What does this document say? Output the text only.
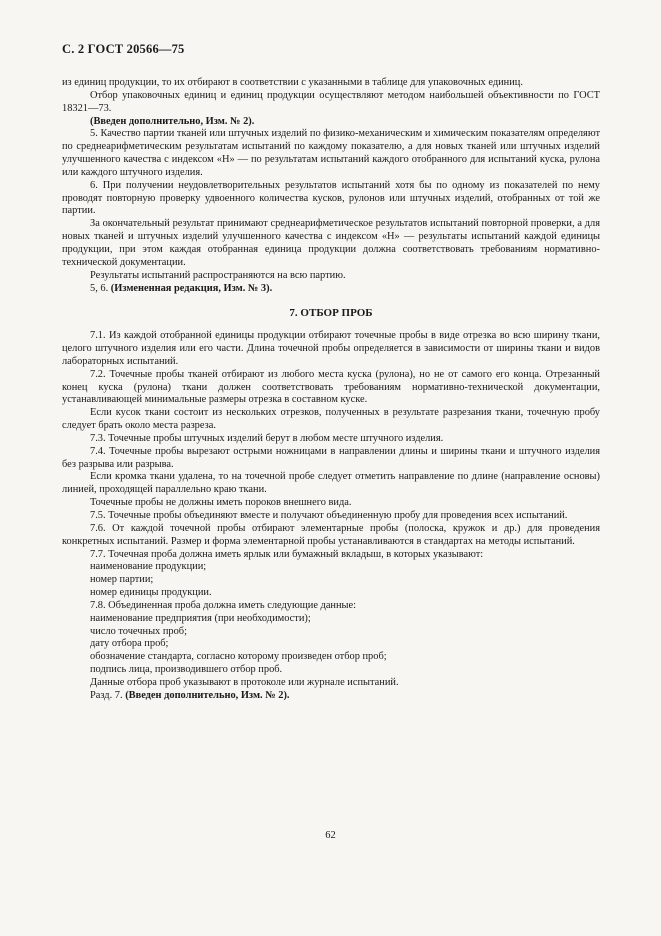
С. 2 ГОСТ 20566—75

из единиц продукции, то их отбирают в соответствии с указанными в таблице для упаковочных единиц.

Отбор упаковочных единиц и единиц продукции осуществляют методом наибольшей объективности по ГОСТ 18321—73.

(Введен дополнительно, Изм. № 2).

5. Качество партии тканей или штучных изделий по физико-механическим и химическим показателям определяют по среднеарифметическим результатам испытаний по каждому показателю, а для новых тканей или штучных изделий улучшенного качества с индексом «Н» — по результатам испытаний каждого отобранного для испытаний куска, рулона или каждого штучного изделия.

6. При получении неудовлетворительных результатов испытаний хотя бы по одному из показателей по нему проводят повторную проверку удвоенного количества кусков, рулонов или штучных изделий, отобранных от той же партии.

За окончательный результат принимают среднеарифметическое результатов испытаний повторной проверки, а для новых тканей и штучных изделий улучшенного качества с индексом «Н» — результаты испытаний каждой единицы продукции, при этом каждая отобранная единица продукции должна соответствовать требованиям нормативно-технической документации.

Результаты испытаний распространяются на всю партию.

5, 6. (Измененная редакция, Изм. № 3).

7. ОТБОР ПРОБ

7.1. Из каждой отобранной единицы продукции отбирают точечные пробы в виде отрезка во всю ширину ткани, целого штучного изделия или его части. Длина точечной пробы определяется в зависимости от ширины ткани и видов лабораторных испытаний.

7.2. Точечные пробы тканей отбирают из любого места куска (рулона), но не от самого его конца. Отрезанный конец куска (рулона) ткани должен соответствовать требованиям нормативно-технической документации, устанавливающей минимальные размеры отрезка в составном куске.

Если кусок ткани состоит из нескольких отрезков, полученных в результате разрезания ткани, точечную пробу следует брать около места разреза.

7.3. Точечные пробы штучных изделий берут в любом месте штучного изделия.

7.4. Точечные пробы вырезают острыми ножницами в направлении длины и ширины ткани и штучного изделия без разрыва или разрыва.

Если кромка ткани удалена, то на точечной пробе следует отметить направление по длине (направление основы) линией, проходящей параллельно краю ткани.

Точечные пробы не должны иметь пороков внешнего вида.

7.5. Точечные пробы объединяют вместе и получают объединенную пробу для проведения всех испытаний.

7.6. От каждой точечной пробы отбирают элементарные пробы (полоска, кружок и др.) для проведения конкретных испытаний. Размер и форма элементарной пробы устанавливаются в стандартах на методы испытаний.

7.7. Точечная проба должна иметь ярлык или бумажный вкладыш, в которых указывают:

наименование продукции;

номер партии;

номер единицы продукции.

7.8. Объединенная проба должна иметь следующие данные:

наименование предприятия (при необходимости);

число точечных проб;

дату отбора проб;

обозначение стандарта, согласно которому произведен отбор проб;

подпись лица, производившего отбор проб.

Данные отбора проб указывают в протоколе или журнале испытаний.

Разд. 7. (Введен дополнительно, Изм. № 2).

62
